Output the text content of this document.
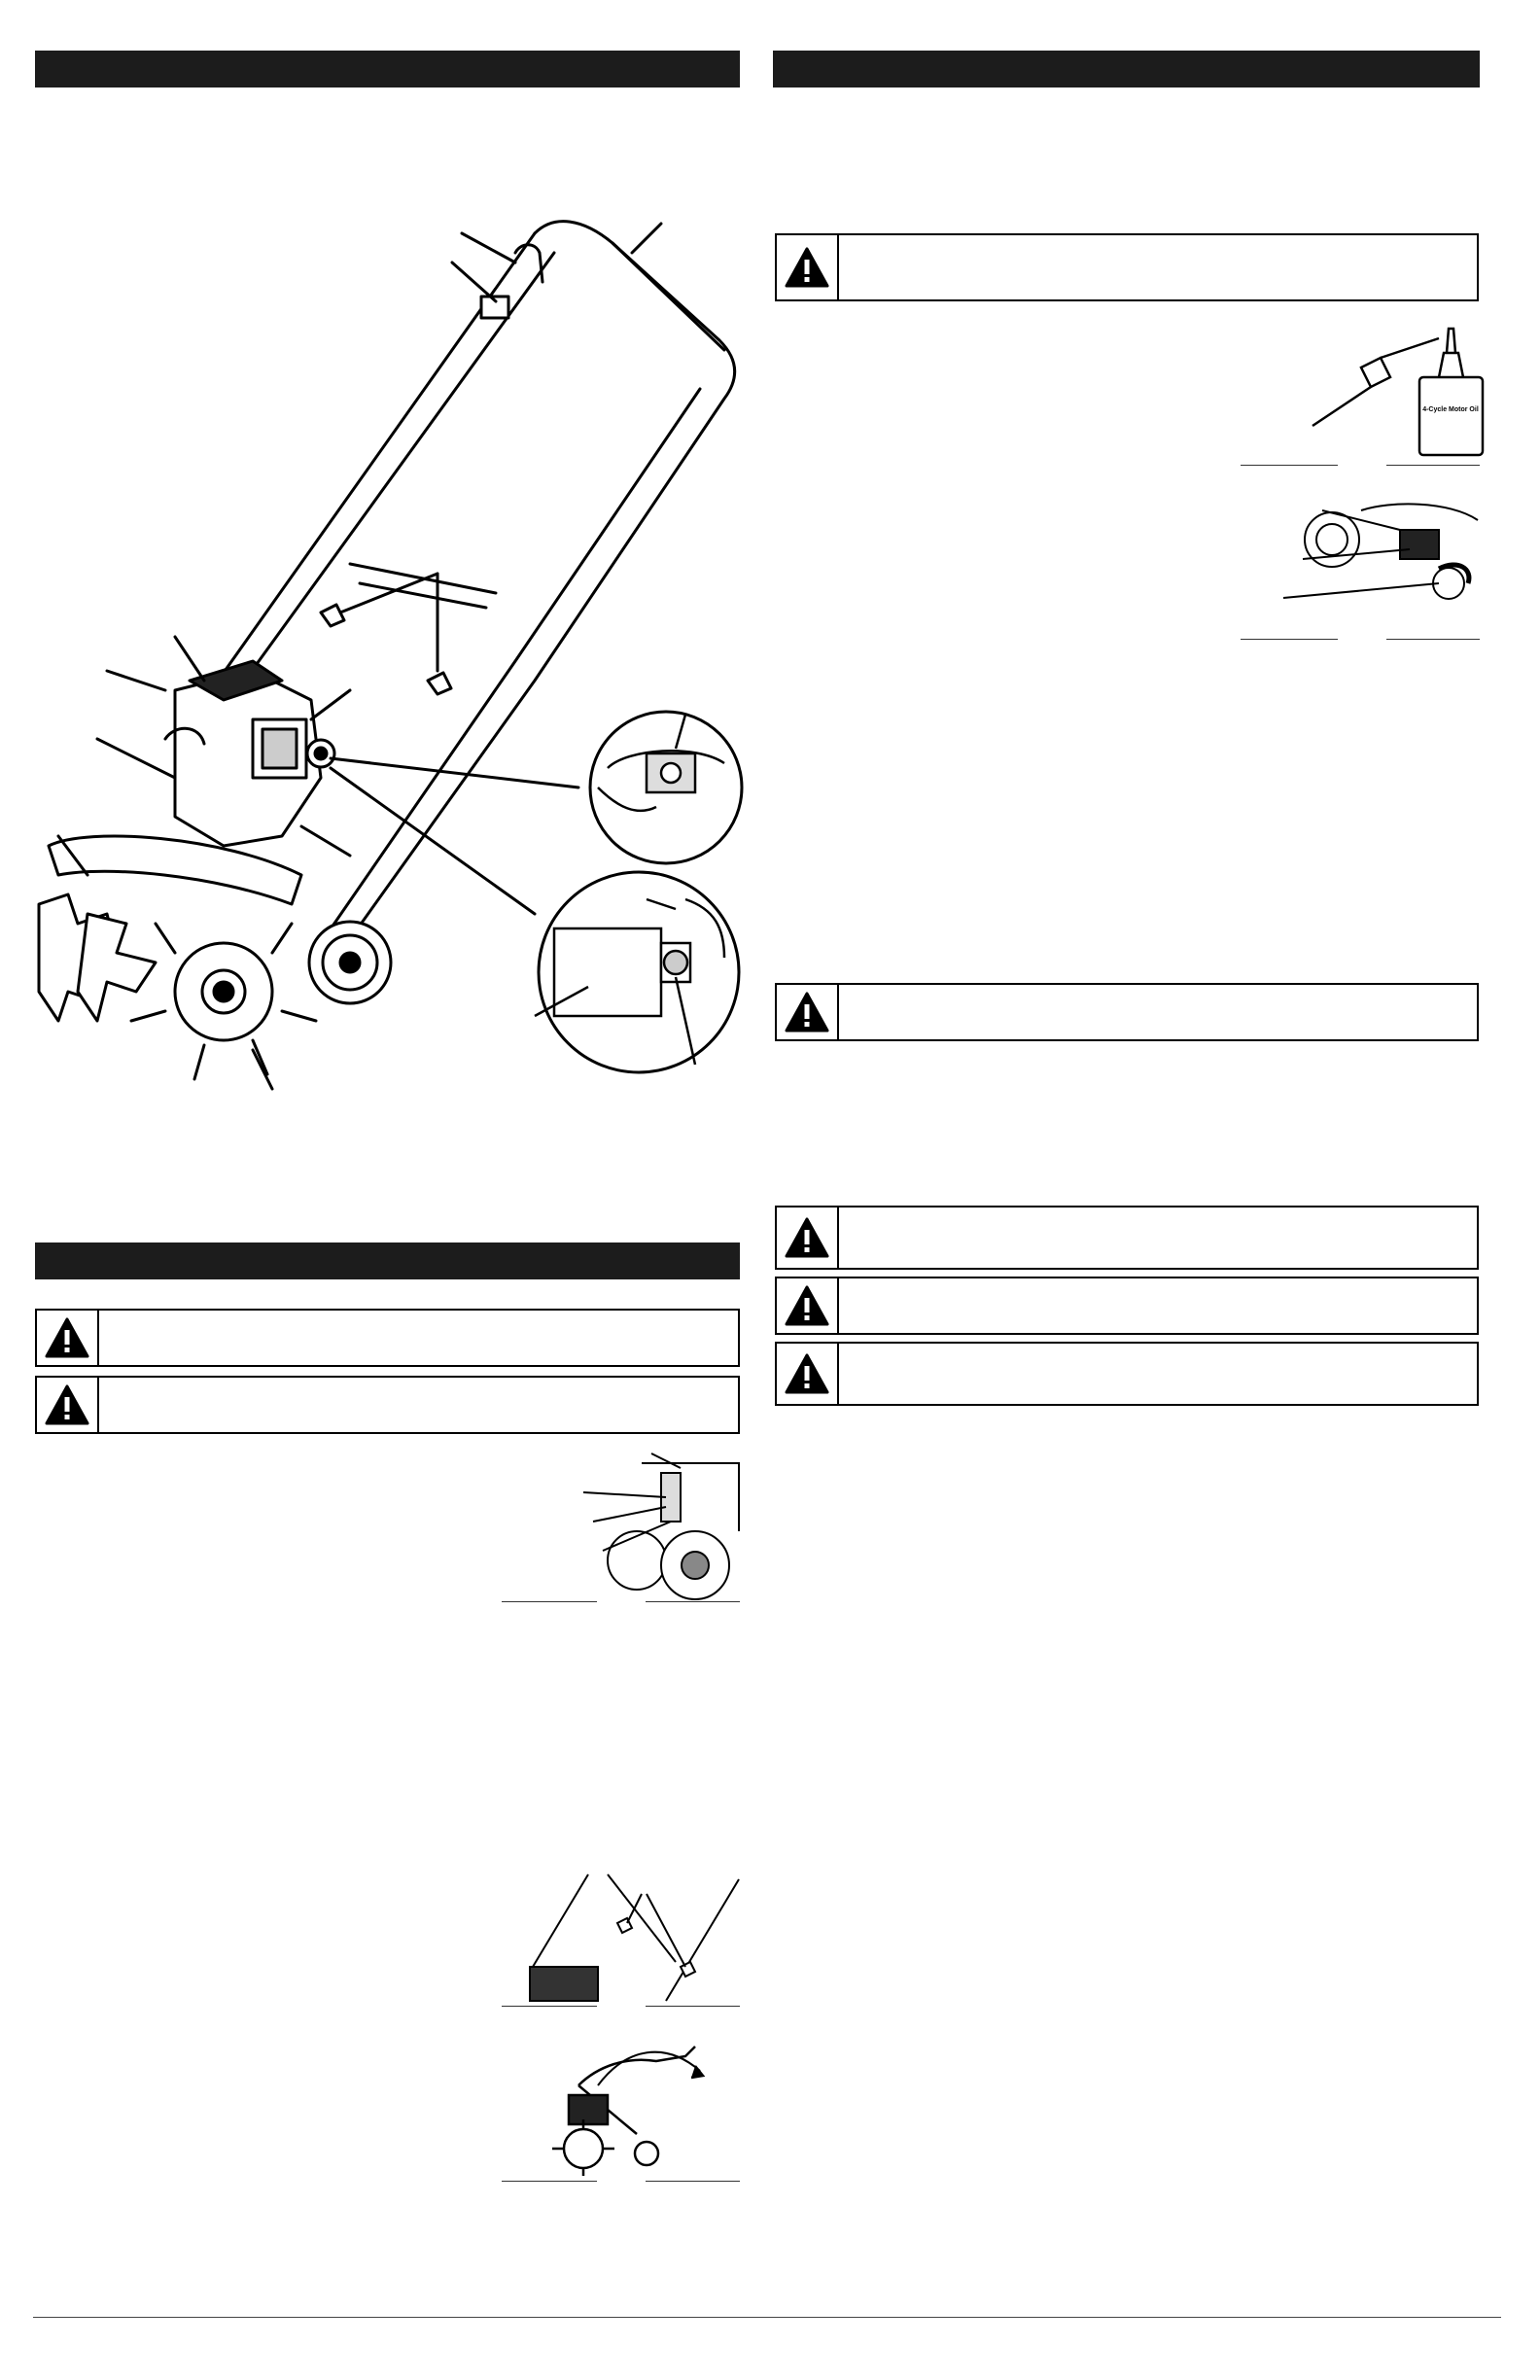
4-Cycle Motor Oil
